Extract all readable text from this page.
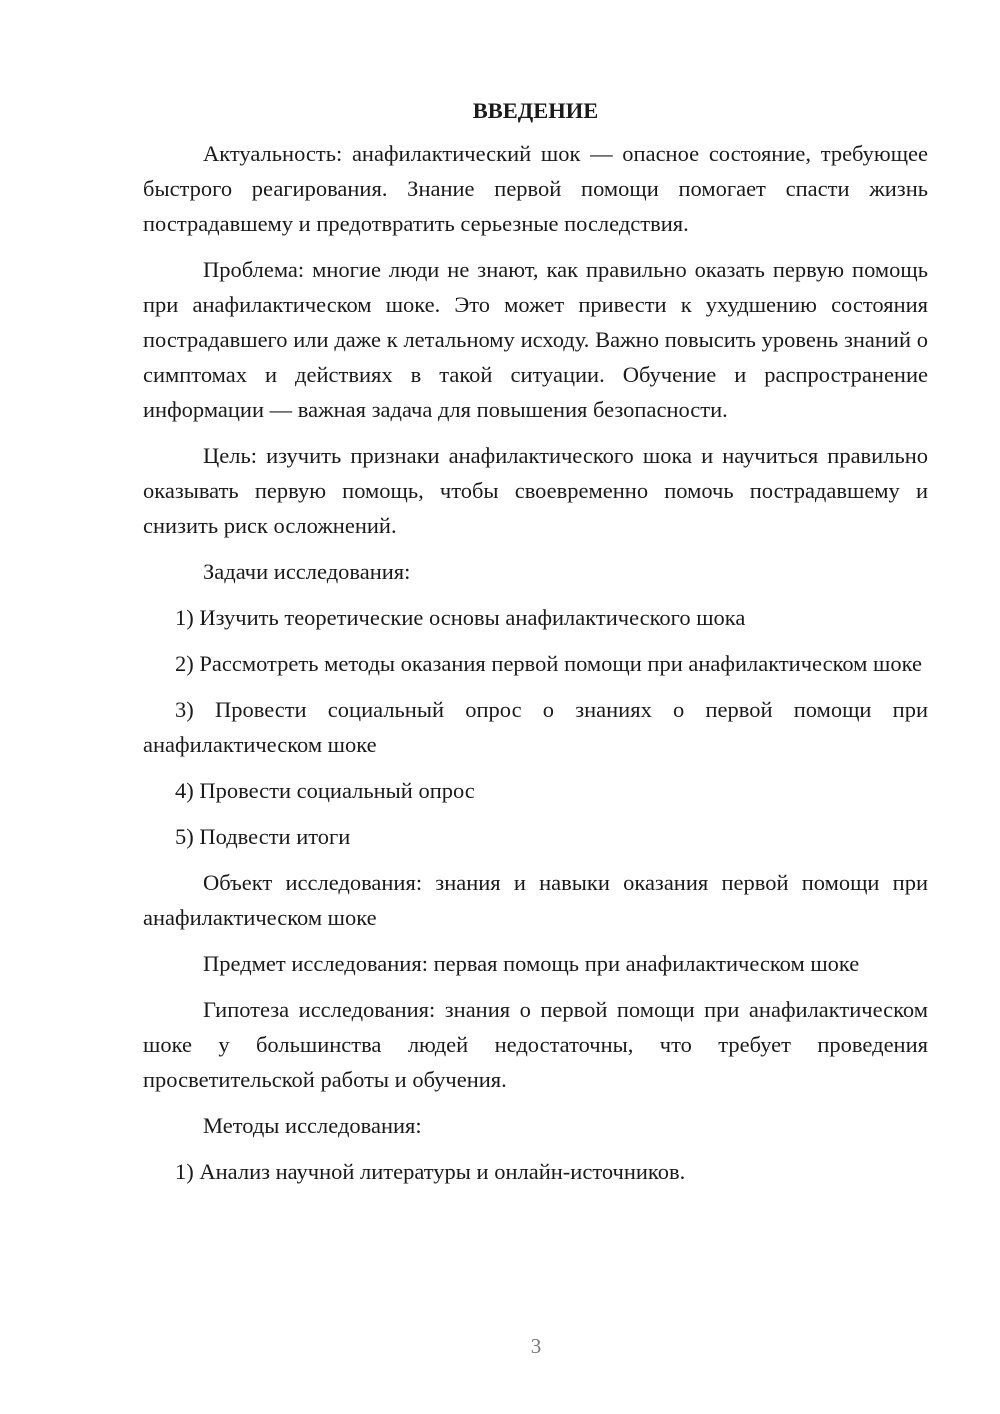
ВВЕДЕНИЕ

Актуальность: анафилактический шок — опасное состояние, требующее быстрого реагирования. Знание первой помощи помогает спасти жизнь пострадавшему и предотвратить серьезные последствия.

Проблема: многие люди не знают, как правильно оказать первую помощь при анафилактическом шоке. Это может привести к ухудшению состояния пострадавшего или даже к летальному исходу. Важно повысить уровень знаний о симптомах и действиях в такой ситуации. Обучение и распространение информации — важная задача для повышения безопасности.

Цель: изучить признаки анафилактического шока и научиться правильно оказывать первую помощь, чтобы своевременно помочь пострадавшему и снизить риск осложнений.

Задачи исследования:

1) Изучить теоретические основы анафилактического шока

2) Рассмотреть методы оказания первой помощи при анафилактическом шоке

3) Провести социальный опрос о знаниях о первой помощи при анафилактическом шоке

4) Провести социальный опрос

5) Подвести итоги

Объект исследования: знания и навыки оказания первой помощи при анафилактическом шоке

Предмет исследования: первая помощь при анафилактическом шоке

Гипотеза исследования: знания о первой помощи при анафилактическом шоке у большинства людей недостаточны, что требует проведения просветительской работы и обучения.

Методы исследования:

1) Анализ научной литературы и онлайн-источников.

3
